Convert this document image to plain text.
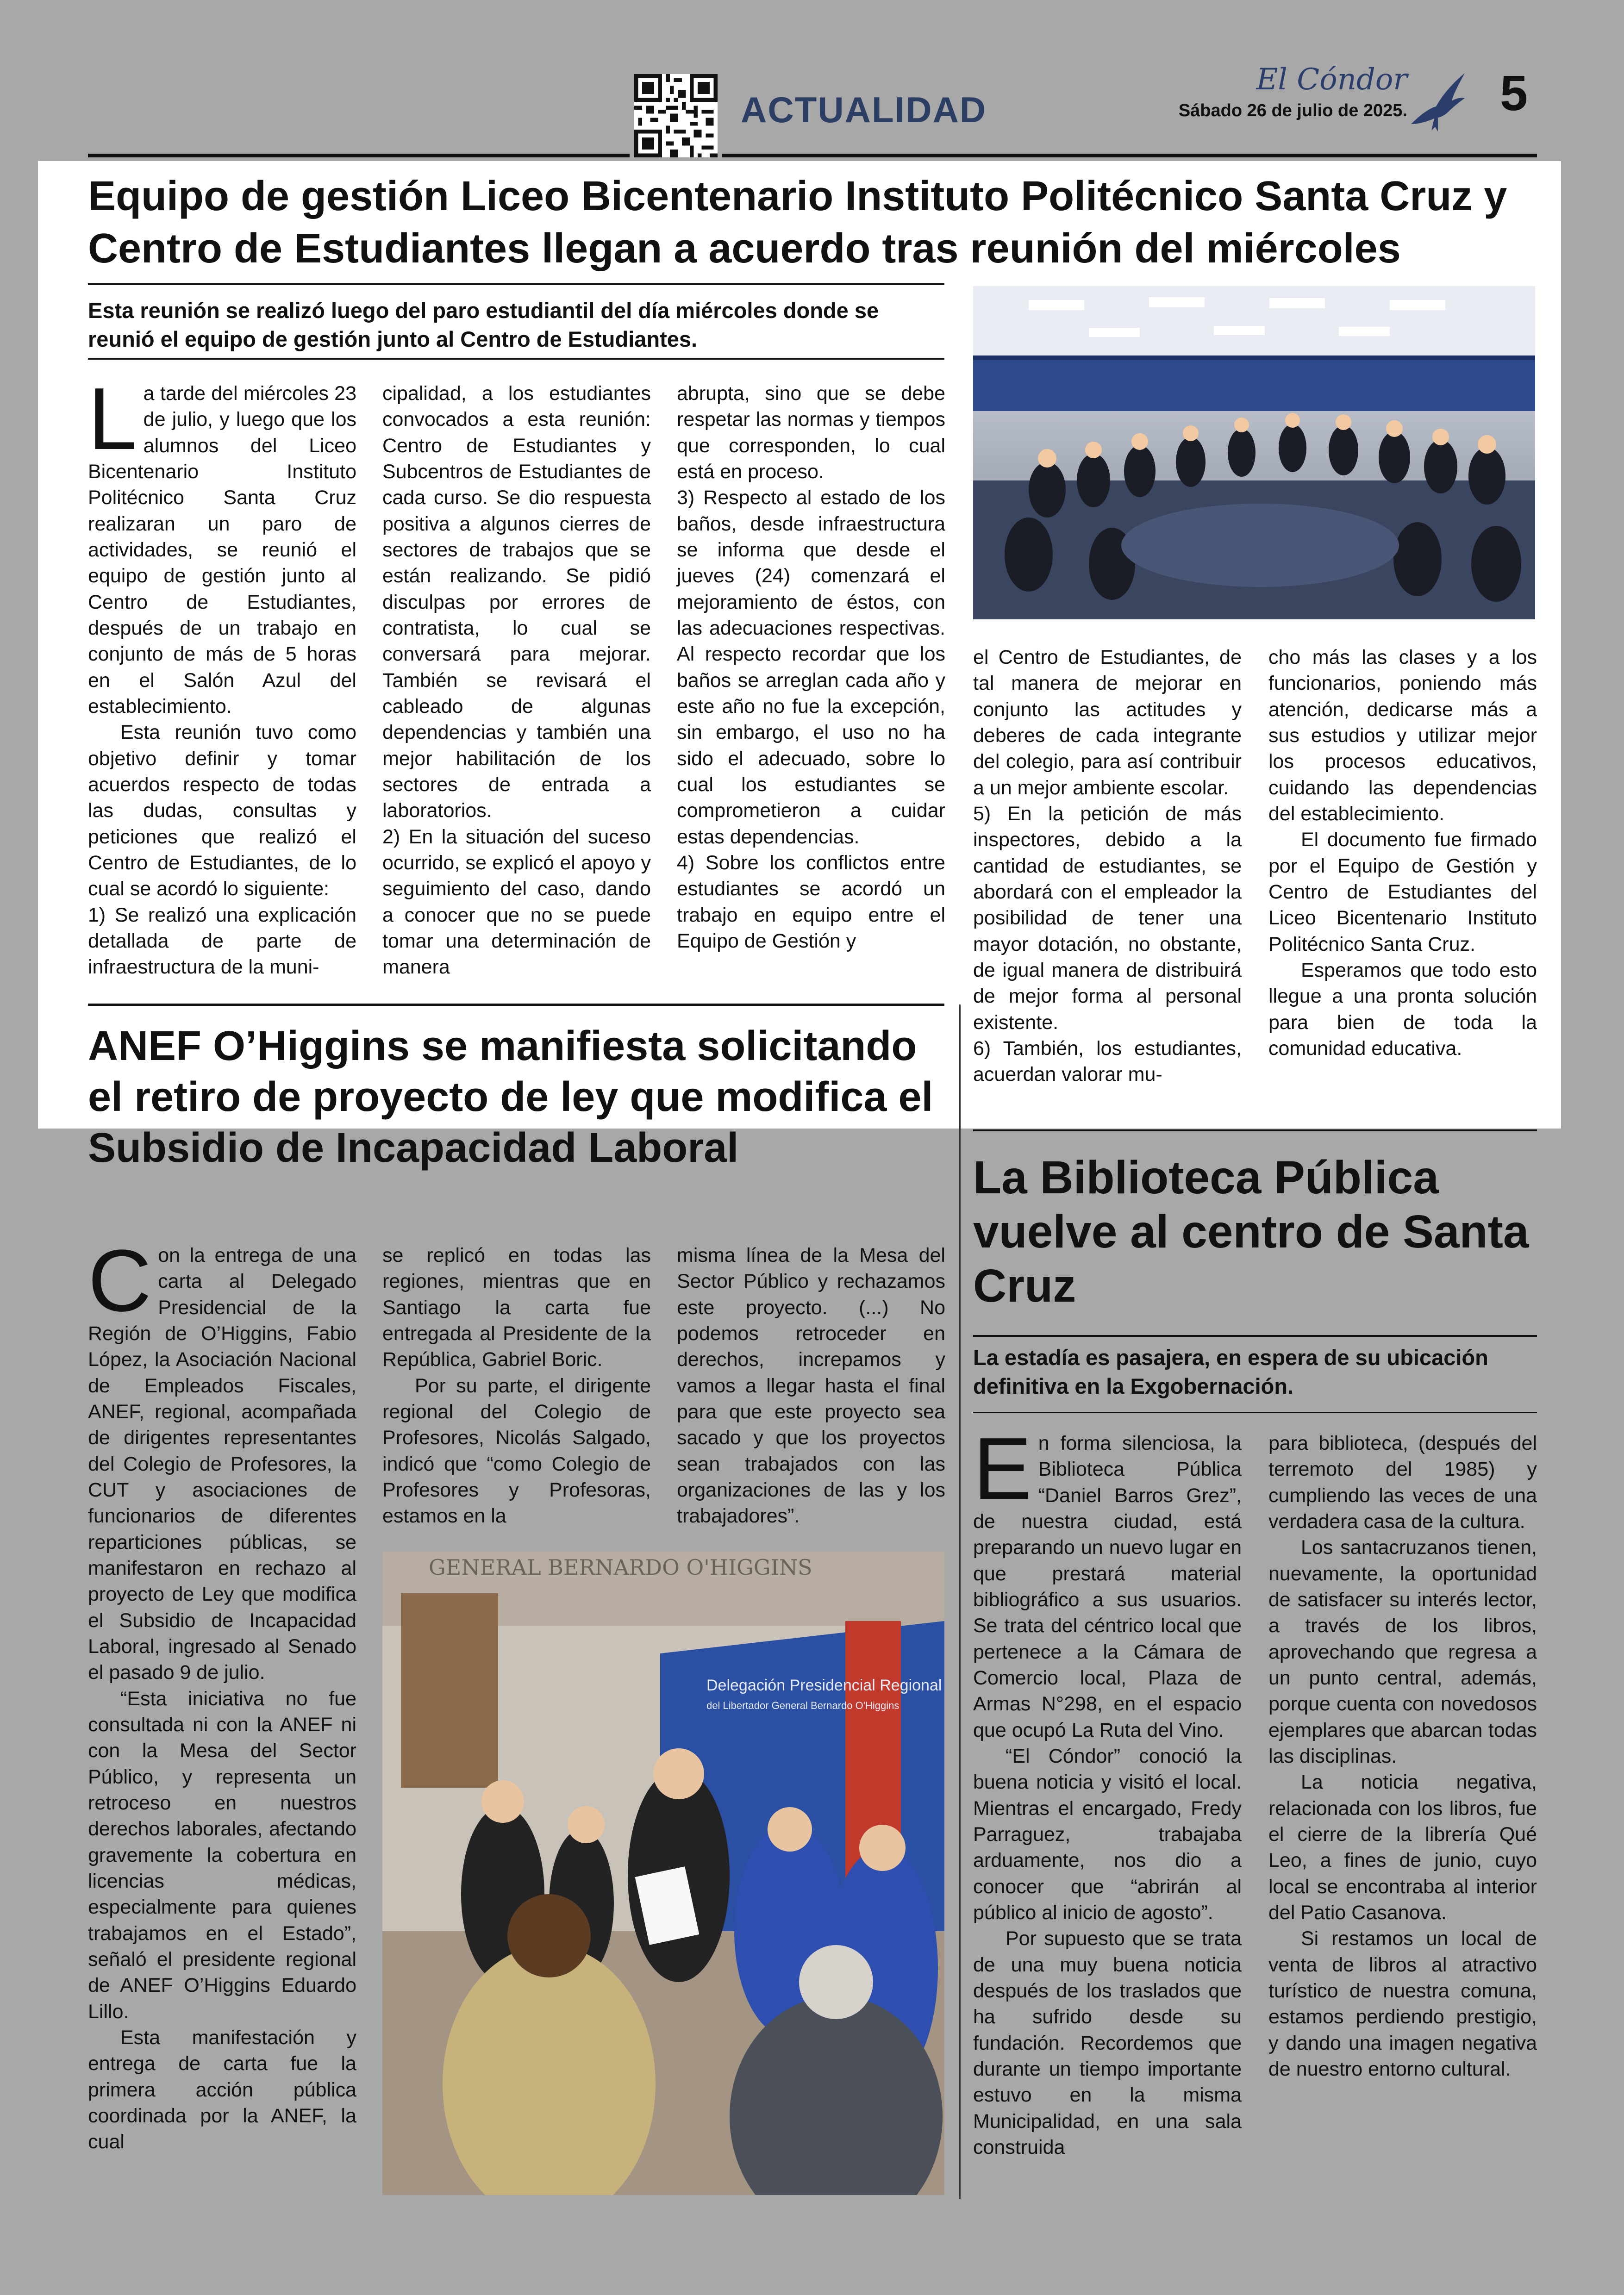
ACTUALIDAD
El Cóndor
Sábado 26 de julio de 2025. 5
Equipo de gestión Liceo Bicentenario Instituto Politécnico Santa Cruz y Centro de Estudiantes llegan a acuerdo tras reunión del miércoles
Esta reunión se realizó luego del paro estudiantil del día miércoles donde se reunió el equipo de gestión junto al Centro de Estudiantes.

La tarde del miércoles 23 de julio, y luego que los alumnos del Liceo Bicentenario Instituto Politécnico Santa Cruz realizaran un paro de actividades, se reunió el equipo de gestión junto al Centro de Estudiantes, después de un trabajo en conjunto de más de 5 horas en el Salón Azul del establecimiento.

Esta reunión tuvo como objetivo definir y tomar acuerdos respecto de todas las dudas, consultas y peticiones que realizó el Centro de Estudiantes, de lo cual se acordó lo siguiente:

1) Se realizó una explicación detallada de parte de infraestructura de la muni-

cipalidad, a los estudiantes convocados a esta reunión: Centro de Estudiantes y Subcentros de Estudiantes de cada curso. Se dio respuesta positiva a algunos cierres de sectores de trabajos que se están realizando. Se pidió disculpas por errores de contratista, lo cual se conversará para mejorar. También se revisará el cableado de algunas dependencias y también una mejor habilitación de los sectores de entrada a laboratorios.

2) En la situación del suceso ocurrido, se explicó el apoyo y seguimiento del caso, dando a conocer que no se puede tomar una determinación de manera

abrupta, sino que se debe respetar las normas y tiempos que corresponden, lo cual está en proceso.

3) Respecto al estado de los baños, desde infraestructura se informa que desde el jueves (24) comenzará el mejoramiento de éstos, con las adecuaciones respectivas. Al respecto recordar que los baños se arreglan cada año y este año no fue la excepción, sin embargo, el uso no ha sido el adecuado, sobre lo cual los estudiantes se comprometieron a cuidar estas dependencias.

4) Sobre los conflictos entre estudiantes se acordó un trabajo en equipo entre el Equipo de Gestión y

el Centro de Estudiantes, de tal manera de mejorar en conjunto las actitudes y deberes de cada integrante del colegio, para así contribuir a un mejor ambiente escolar.

5) En la petición de más inspectores, debido a la cantidad de estudiantes, se abordará con el empleador la posibilidad de tener una mayor dotación, no obstante, de igual manera de distribuirá de mejor forma al personal existente.

6) También, los estudiantes, acuerdan valorar mu-

cho más las clases y a los funcionarios, poniendo más atención, dedicarse más a sus estudios y utilizar mejor los procesos educativos, cuidando las dependencias del establecimiento.

El documento fue firmado por el Equipo de Gestión y Centro de Estudiantes del Liceo Bicentenario Instituto Politécnico Santa Cruz.

Esperamos que todo esto llegue a una pronta solución para bien de toda la comunidad educativa.

ANEF O’Higgins se manifiesta solicitando el retiro de proyecto de ley que modifica el Subsidio de Incapacidad Laboral

Con la entrega de una carta al Delegado Presidencial de la Región de O’Higgins, Fabio López, la Asociación Nacional de Empleados Fiscales, ANEF, regional, acompañada de dirigentes representantes del Colegio de Profesores, la CUT y asociaciones de funcionarios de diferentes reparticiones públicas, se manifestaron en rechazo al proyecto de Ley que modifica el Subsidio de Incapacidad Laboral, ingresado al Senado el pasado 9 de julio.

“Esta iniciativa no fue consultada ni con la ANEF ni con la Mesa del Sector Público, y representa un retroceso en nuestros derechos laborales, afectando gravemente la cobertura en licencias médicas, especialmente para quienes trabajamos en el Estado”, señaló el presidente regional de ANEF O’Higgins Eduardo Lillo.

Esta manifestación y entrega de carta fue la primera acción pública coordinada por la ANEF, la cual

se replicó en todas las regiones, mientras que en Santiago la carta fue entregada al Presidente de la República, Gabriel Boric.

Por su parte, el dirigente regional del Colegio de Profesores, Nicolás Salgado, indicó que “como Colegio de Profesores y Profesoras, estamos en la

misma línea de la Mesa del Sector Público y rechazamos este proyecto. (...) No podemos retroceder en derechos, increpamos y vamos a llegar hasta el final para que este proyecto sea sacado y que los proyectos sean trabajados con las organizaciones de las y los trabajadores”.

GENERAL BERNARDO O'HIGGINS
Delegación Presidencial Regional
del Libertador General Bernardo O'Higgins
La Biblioteca Pública vuelve al centro de Santa Cruz
La estadía es pasajera, en espera de su ubicación definitiva en la Exgobernación.

En forma silenciosa, la Biblioteca Pública “Daniel Barros Grez”, de nuestra ciudad, está preparando un nuevo lugar en que prestará material bibliográfico a sus usuarios. Se trata del céntrico local que pertenece a la Cámara de Comercio local, Plaza de Armas N°298, en el espacio que ocupó La Ruta del Vino.

“El Cóndor” conoció la buena noticia y visitó el local. Mientras el encargado, Fredy Parraguez, trabajaba arduamente, nos dio a conocer que “abrirán al público al inicio de agosto”.

Por supuesto que se trata de una muy buena noticia después de los traslados que ha sufrido desde su fundación. Recordemos que durante un tiempo importante estuvo en la misma Municipalidad, en una sala construida

para biblioteca, (después del terremoto del 1985) y cumpliendo las veces de una verdadera casa de la cultura.

Los santacruzanos tienen, nuevamente, la oportunidad de satisfacer su interés lector, a través de los libros, aprovechando que regresa a un punto central, además, porque cuenta con novedosos ejemplares que abarcan todas las disciplinas.

La noticia negativa, relacionada con los libros, fue el cierre de la librería Qué Leo, a fines de junio, cuyo local se encontraba al interior del Patio Casanova.

Si restamos un local de venta de libros al atractivo turístico de nuestra comuna, estamos perdiendo prestigio, y dando una imagen negativa de nuestro entorno cultural.
